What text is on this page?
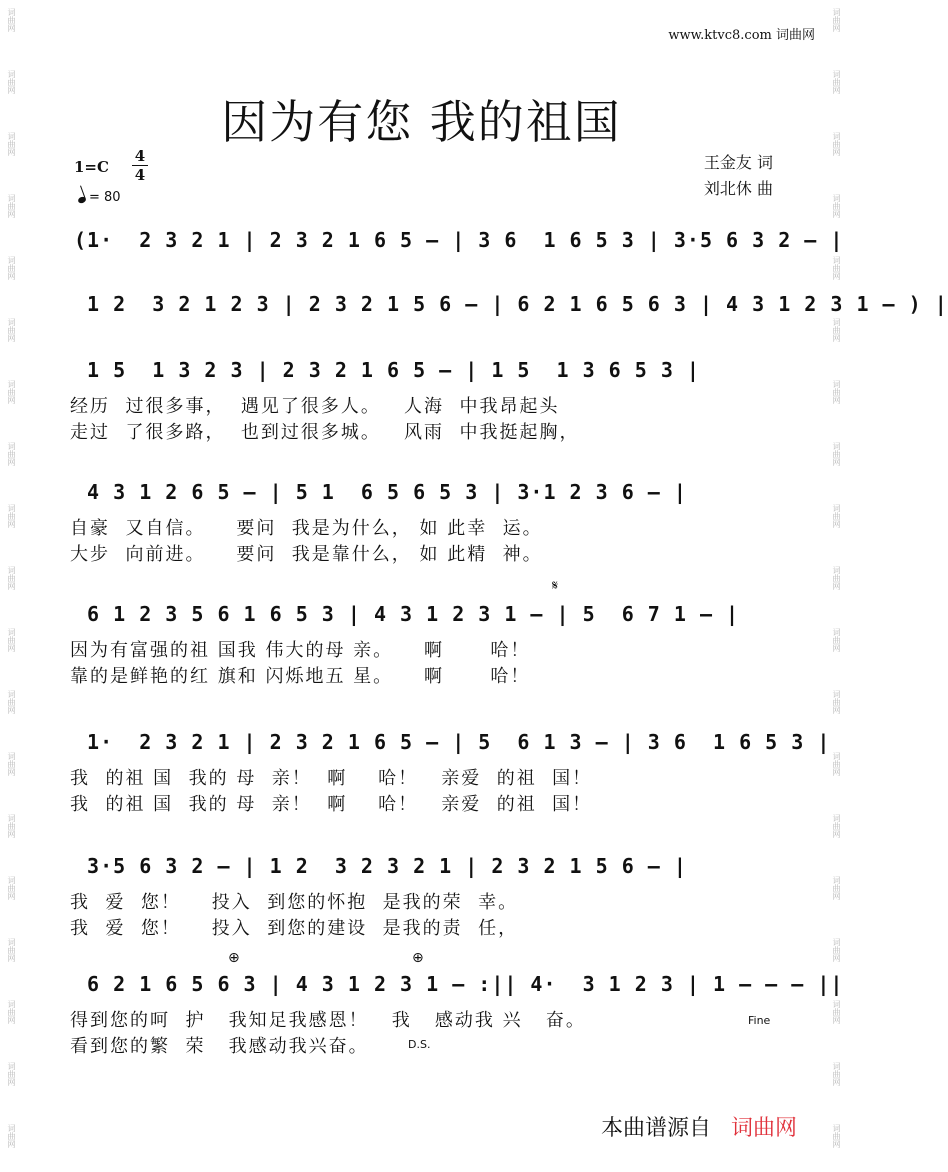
词曲网
词曲网
词曲网
词曲网
词曲网
词曲网
词曲网
词曲网
词曲网
词曲网
词曲网
词曲网
词曲网
词曲网
词曲网
词曲网
词曲网
词曲网
词曲网
词曲网
词曲网
词曲网
词曲网
词曲网
词曲网
词曲网
词曲网
词曲网
词曲网
词曲网
词曲网
词曲网
词曲网
词曲网
词曲网
词曲网
词曲网
词曲网
www.ktvc8.com 词曲网
因为有您 我的祖国
1=C
4
4
= 80
王金友 词
刘北休 曲
(1·  2 3 2 1 | 2 3 2 1 6 5 – | 3 6  1 6 5 3 | 3·5 6 3 2 – |
1 2  3 2 1 2 3 | 2 3 2 1 5 6 – | 6 2 1 6 5 6 3 | 4 3 1 2 3 1 – ) |
1 5  1 3 2 3 | 2 3 2 1 6 5 – | 1 5  1 3 6 5 3 |
经历  过很多事，  遇见了很多人。   人海  中我昂起头
走过  了很多路，  也到过很多城。   风雨  中我挺起胸，
4 3 1 2 6 5 – | 5 1  6 5 6 5 3 | 3·1 2 3 6 – |
自豪  又自信。    要问  我是为什么， 如 此幸  运。
大步  向前进。    要问  我是靠什么， 如 此精  神。
6 1 2 3 5 6 1 6 5 3 | 4 3 1 2 3 1 – | 5  6 7 1 – |
因为有富强的祖 国我 伟大的母 亲。    啊      哈！
靠的是鲜艳的红 旗和 闪烁地五 星。    啊      哈！
1·  2 3 2 1 | 2 3 2 1 6 5 – | 5  6 1 3 – | 3 6  1 6 5 3 |
我  的祖 国  我的 母  亲！  啊    哈！   亲爱  的祖  国！
我  的祖 国  我的 母  亲！  啊    哈！   亲爱  的祖  国！
3·5 6 3 2 – | 1 2  3 2 3 2 1 | 2 3 2 1 5 6 – |
我  爱  您！    投入  到您的怀抱  是我的荣  幸。
我  爱  您！    投入  到您的建设  是我的责  任，
6 2 1 6 5 6 3 | 4 3 1 2 3 1 – :|| 4·  3 1 2 3 | 1 – – – ||
得到您的呵  护   我知足我感恩！   我   感动我 兴   奋。
看到您的繁  荣   我感动我兴奋。
𝄋
⊕	⊕
Fine
D.S.
本曲谱源自 词曲网
